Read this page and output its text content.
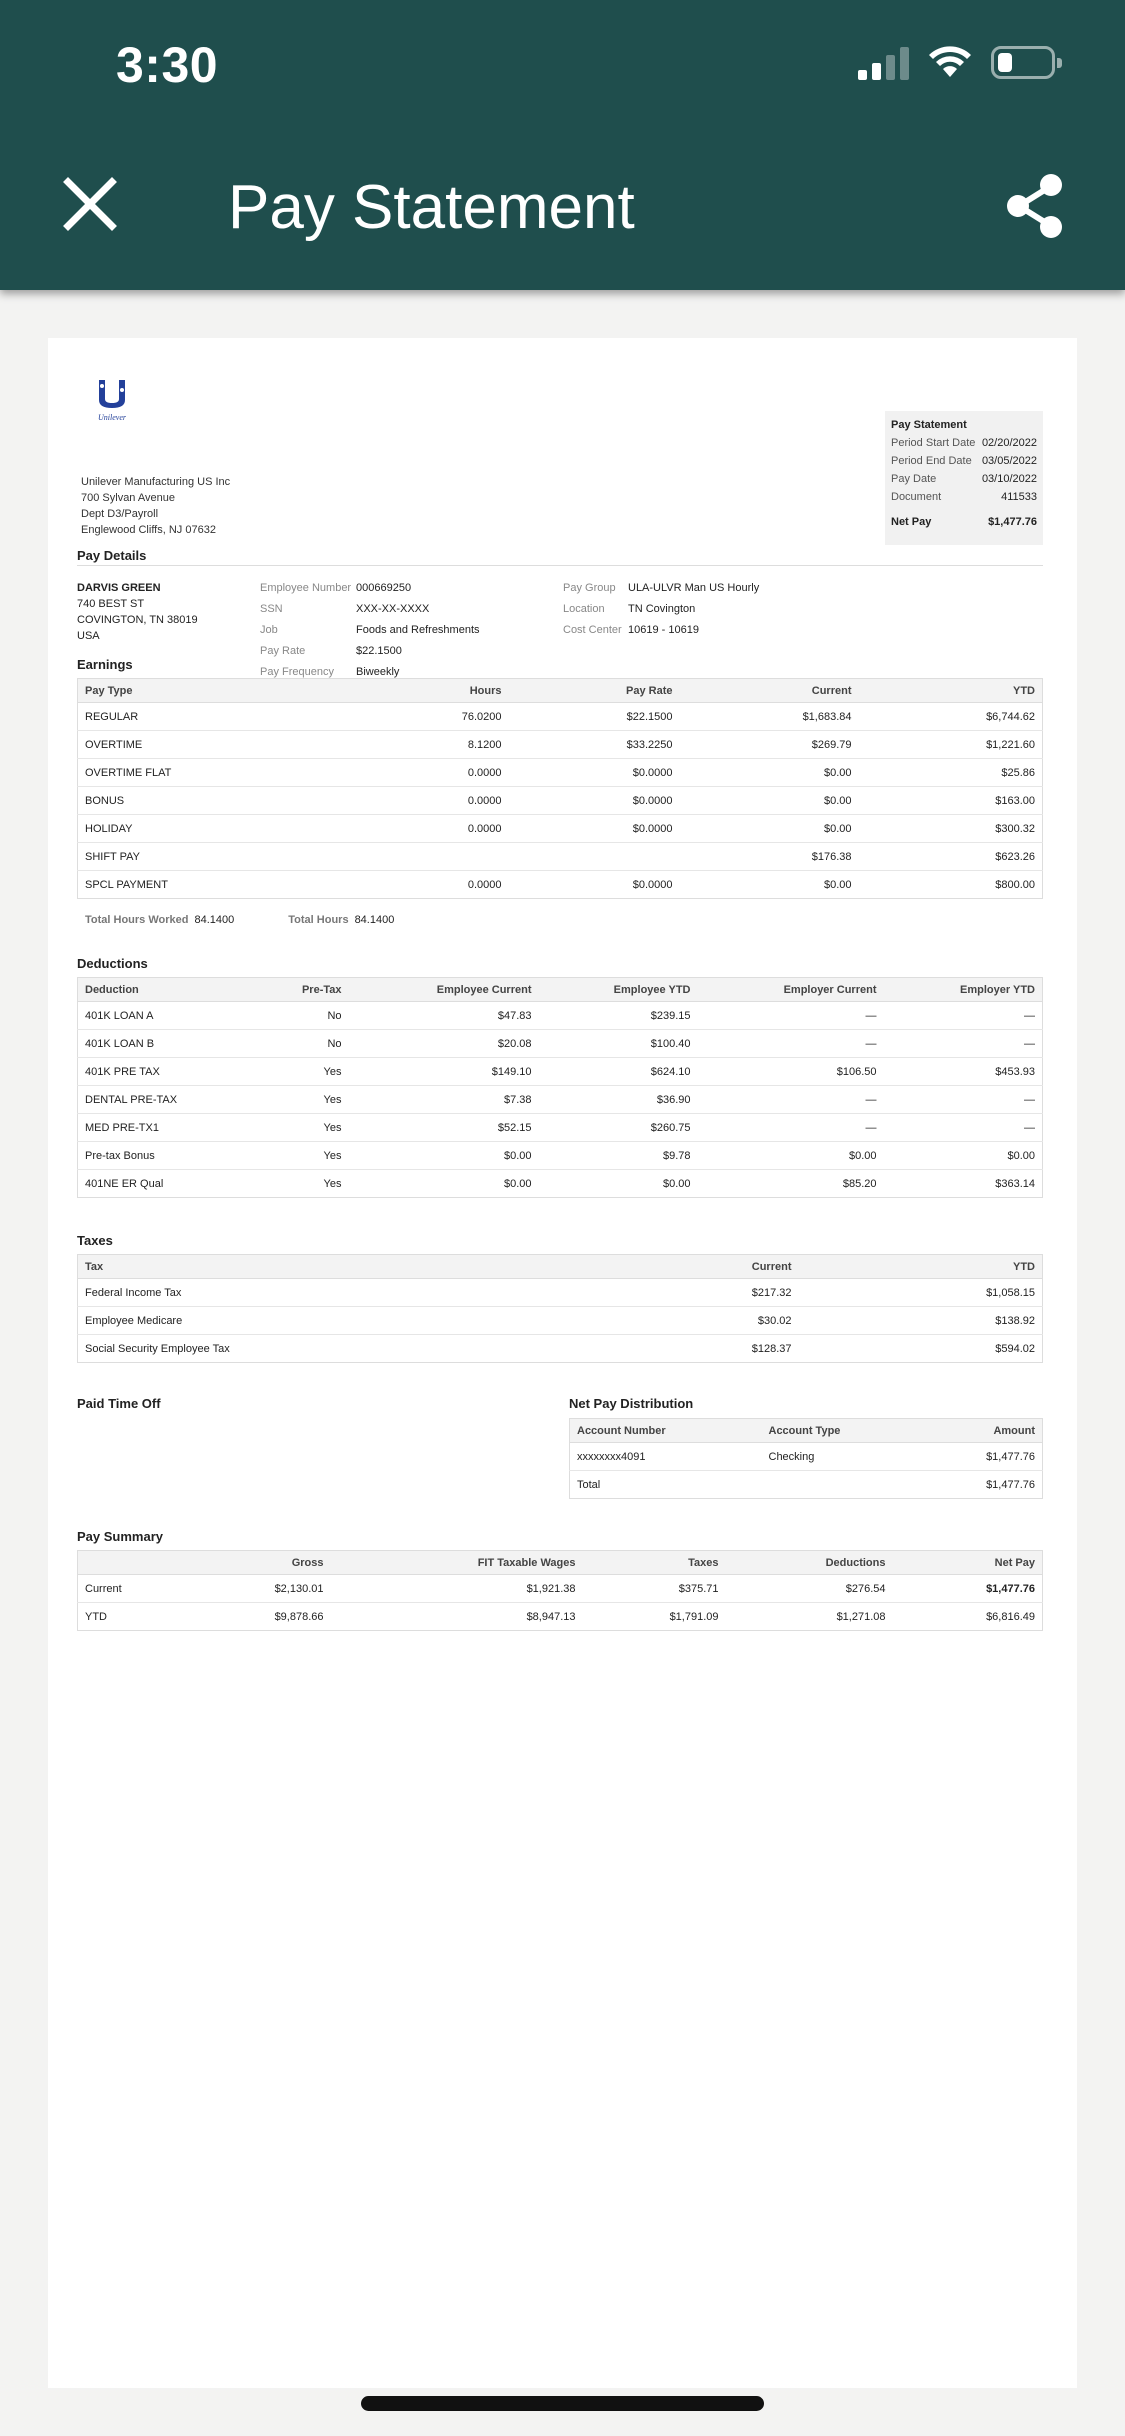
3:30
Pay Statement
Unilever
Unilever Manufacturing US Inc
700 Sylvan Avenue
Dept D3/Payroll
Englewood Cliffs, NJ 07632
Pay Statement
Period Start Date 02/20/2022
Period End Date 03/05/2022
Pay Date	03/10/2022
Document	411533
Net Pay	$1,477.76
Pay Details
DARVIS GREEN
740 BEST ST
COVINGTON, TN 38019
USA
Employee Number 000669250
SSN	XXX-XX-XXXX
Job	Foods and Refreshments
Pay Rate	$22.1500
Pay Frequency	Biweekly
Pay Group	ULA-ULVR Man US Hourly
Location	TN Covington
Cost Center 10619 - 10619
Earnings
Pay Type	Hours	Pay Rate	Current	YTD
REGULAR	76.0200	$22.1500	$1,683.84	$6,744.62
OVERTIME	8.1200	$33.2250	$269.79	$1,221.60
OVERTIME FLAT	0.0000	$0.0000	$0.00	$25.86
BONUS	0.0000	$0.0000	$0.00	$163.00
HOLIDAY	0.0000	$0.0000	$0.00	$300.32
SHIFT PAY			$176.38	$623.26
SPCL PAYMENT	0.0000	$0.0000	$0.00	$800.00
Total Hours Worked 84.1400	Total Hours 84.1400
Deductions
Deduction	Pre-Tax	Employee Current	Employee YTD	Employer Current	Employer YTD
401K LOAN A	No	$47.83	$239.15	—	—
401K LOAN B	No	$20.08	$100.40	—	—
401K PRE TAX	Yes	$149.10	$624.10	$106.50	$453.93
DENTAL PRE-TAX	Yes	$7.38	$36.90	—	—
MED PRE-TX1	Yes	$52.15	$260.75	—	—
Pre-tax Bonus	Yes	$0.00	$9.78	$0.00	$0.00
401NE ER Qual	Yes	$0.00	$0.00	$85.20	$363.14
Taxes
Tax	Current	YTD
Federal Income Tax	$217.32	$1,058.15
Employee Medicare	$30.02	$138.92
Social Security Employee Tax	$128.37	$594.02
Paid Time Off	Net Pay Distribution
Account Number	Account Type	Amount
xxxxxxxx4091	Checking	$1,477.76
Total		$1,477.76
Pay Summary
	Gross	FIT Taxable Wages	Taxes	Deductions	Net Pay
Current	$2,130.01	$1,921.38	$375.71	$276.54	$1,477.76
YTD	$9,878.66	$8,947.13	$1,791.09	$1,271.08	$6,816.49
